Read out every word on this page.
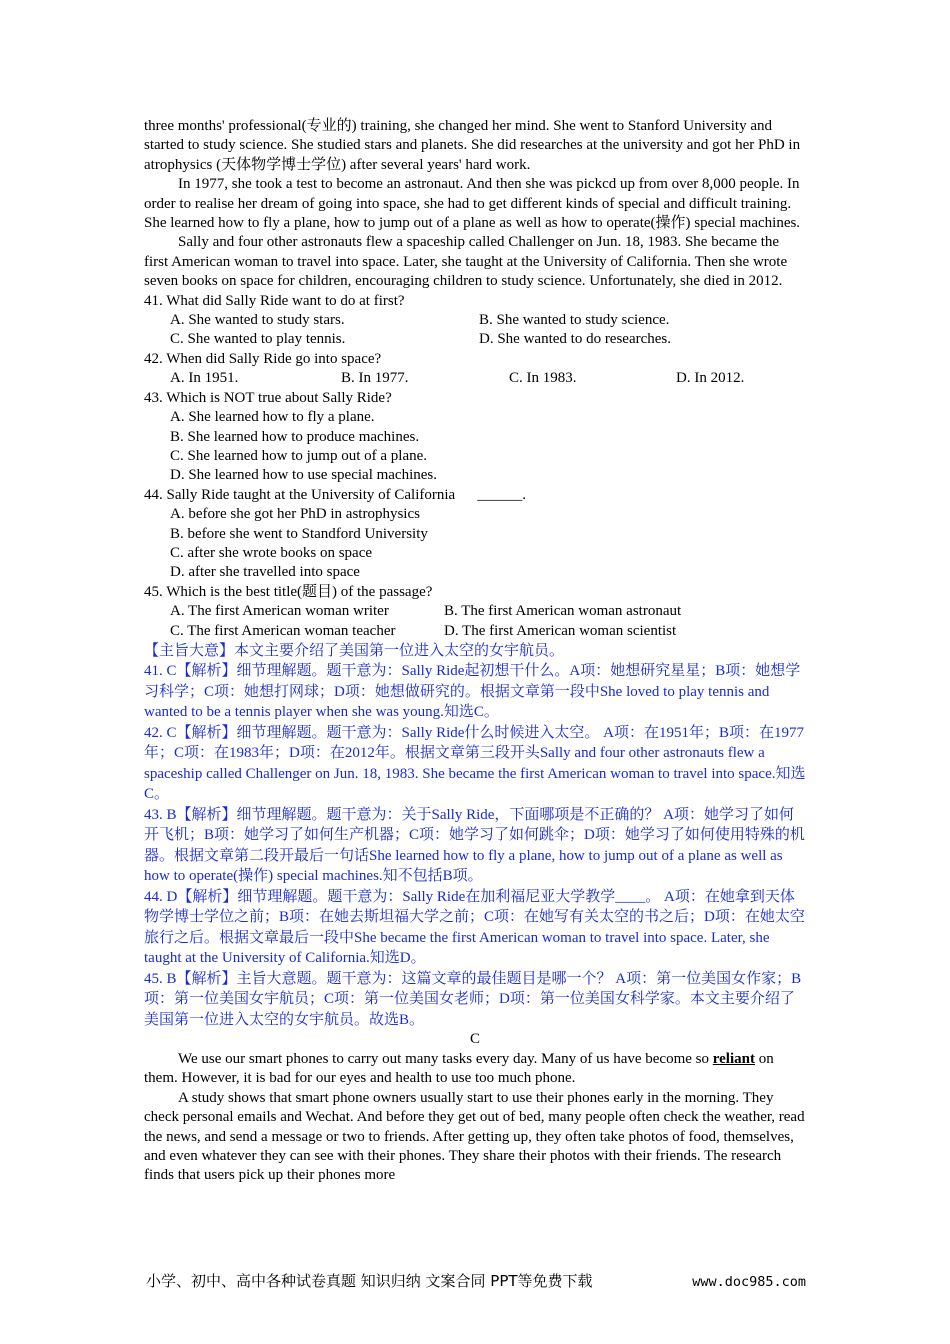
three months' professional(专业的) training, she changed her mind. She went to Stanford University and started to study science. She studied stars and planets. She did researches at the university and got her PhD in atrophysics (天体物学博士学位) after several years' hard work.

In 1977, she took a test to become an astronaut. And then she was pickcd up from over 8,000 people. In order to realise her dream of going into space, she had to get different kinds of special and difficult training. She learned how to fly a plane, how to jump out of a plane as well as how to operate(操作) special machines.

Sally and four other astronauts flew a spaceship called Challenger on Jun. 18, 1983. She became the first American woman to travel into space. Later, she taught at the University of California. Then she wrote seven books on space for children, encouraging children to study science. Unfortunately, she died in 2012.

41. What did Sally Ride want to do at first?

A. She wanted to study stars.	B. She wanted to study science.
C. She wanted to play tennis.	D. She wanted to do researches.

42. When did Sally Ride go into space?

A. In 1951.	B. In 1977.	C. In 1983.	D. In 2012.

43. Which is NOT true about Sally Ride?

A. She learned how to fly a plane.

B. She learned how to produce machines.

C. She learned how to jump out of a plane.

D. She learned how to use special machines.

44. Sally Ride taught at the University of California ______.

A. before she got her PhD in astrophysics

B. before she went to Standford University

C. after she wrote books on space

D. after she travelled into space

45. Which is the best title(题目) of the passage?

A. The first American woman writer	B. The first American woman astronaut
C. The first American woman teacher	D. The first American woman scientist

【主旨大意】本文主要介绍了美国第一位进入太空的女宇航员。

41. C【解析】细节理解题。题干意为：Sally Ride起初想干什么。A项：她想研究星星；B项：她想学习科学；C项：她想打网球；D项：她想做研究的。根据文章第一段中She loved to play tennis and wanted to be a tennis player when she was young.知选C。

42. C【解析】细节理解题。题干意为：Sally Ride什么时候进入太空。 A项：在1951年；B项：在1977年；C项：在1983年；D项：在2012年。根据文章第三段开头Sally and four other astronauts flew a spaceship called Challenger on Jun. 18, 1983. She became the first American woman to travel into space.知选C。

43. B【解析】细节理解题。题干意为：关于Sally Ride，下面哪项是不正确的？ A项：她学习了如何开飞机；B项：她学习了如何生产机器；C项：她学习了如何跳伞；D项：她学习了如何使用特殊的机器。根据文章第二段开最后一句话She learned how to fly a plane, how to jump out of a plane as well as how to operate(操作) special machines.知不包括B项。

44. D【解析】细节理解题。题干意为：Sally Ride在加利福尼亚大学教学____。 A项：在她拿到天体物学博士学位之前；B项：在她去斯坦福大学之前；C项：在她写有关太空的书之后；D项：在她太空旅行之后。根据文章最后一段中She became the first American woman to travel into space. Later, she taught at the University of California.知选D。

45. B【解析】主旨大意题。题干意为：这篇文章的最佳题目是哪一个？ A项：第一位美国女作家；B项：第一位美国女宇航员；C项：第一位美国女老师；D项：第一位美国女科学家。本文主要介绍了美国第一位进入太空的女宇航员。故选B。

C

We use our smart phones to carry out many tasks every day. Many of us have become so reliant on them. However, it is bad for our eyes and health to use too much phone.

A study shows that smart phone owners usually start to use their phones early in the morning. They check personal emails and Wechat. And before they get out of bed, many people often check the weather, read the news, and send a message or two to friends. After getting up, they often take photos of food, themselves, and even whatever they can see with their phones. They share their photos with their friends. The research finds that users pick up their phones more

小学、初中、高中各种试卷真题 知识归纳 文案合同 PPT等免费下载	www.doc985.com
